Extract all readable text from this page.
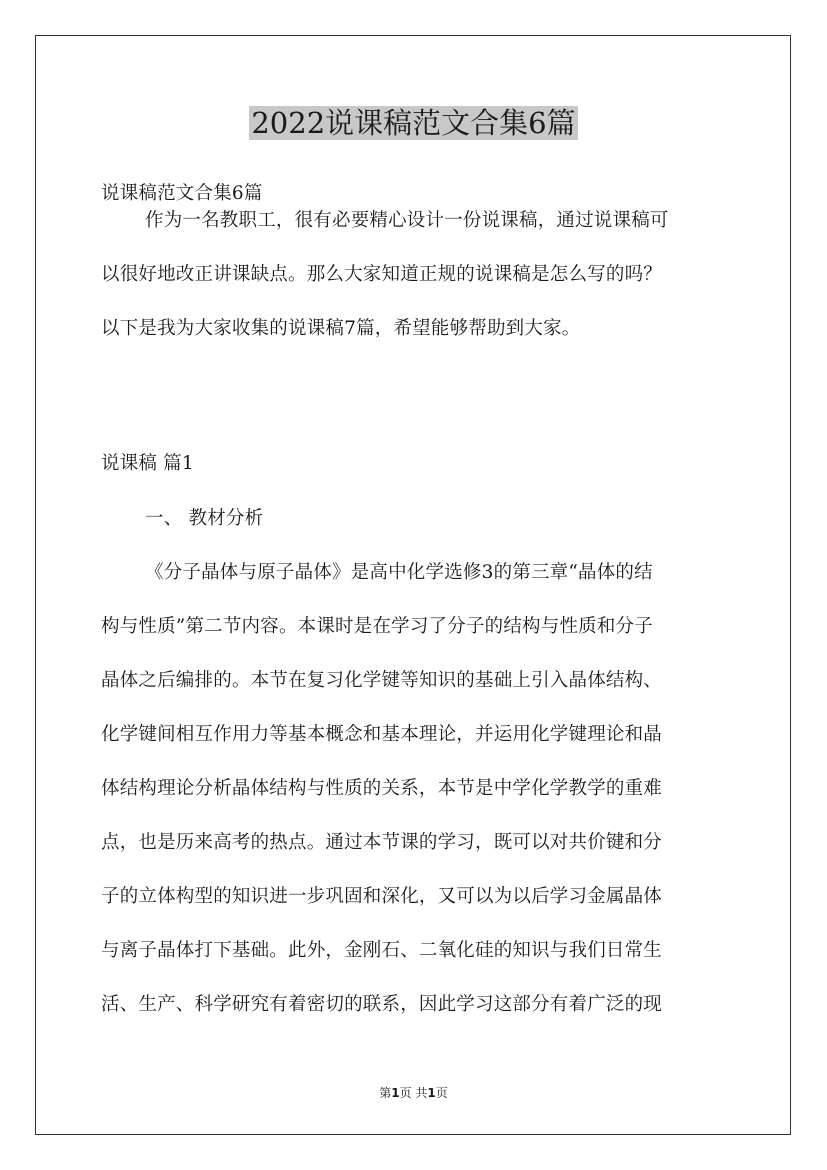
2022说课稿范文合集6篇
说课稿范文合集6篇
作为一名教职工，很有必要精心设计一份说课稿，通过说课稿可
以很好地改正讲课缺点。那么大家知道正规的说课稿是怎么写的吗？
以下是我为大家收集的说课稿7篇，希望能够帮助到大家。
说课稿 篇1
一、 教材分析
《分子晶体与原子晶体》是高中化学选修3的第三章“晶体的结
构与性质”第二节内容。本课时是在学习了分子的结构与性质和分子
晶体之后编排的。本节在复习化学键等知识的基础上引入晶体结构、
化学键间相互作用力等基本概念和基本理论，并运用化学键理论和晶
体结构理论分析晶体结构与性质的关系，本节是中学化学教学的重难
点，也是历来高考的热点。通过本节课的学习，既可以对共价键和分
子的立体构型的知识进一步巩固和深化，又可以为以后学习金属晶体
与离子晶体打下基础。此外，金刚石、二氧化硅的知识与我们日常生
活、生产、科学研究有着密切的联系，因此学习这部分有着广泛的现
第1页 共1页
